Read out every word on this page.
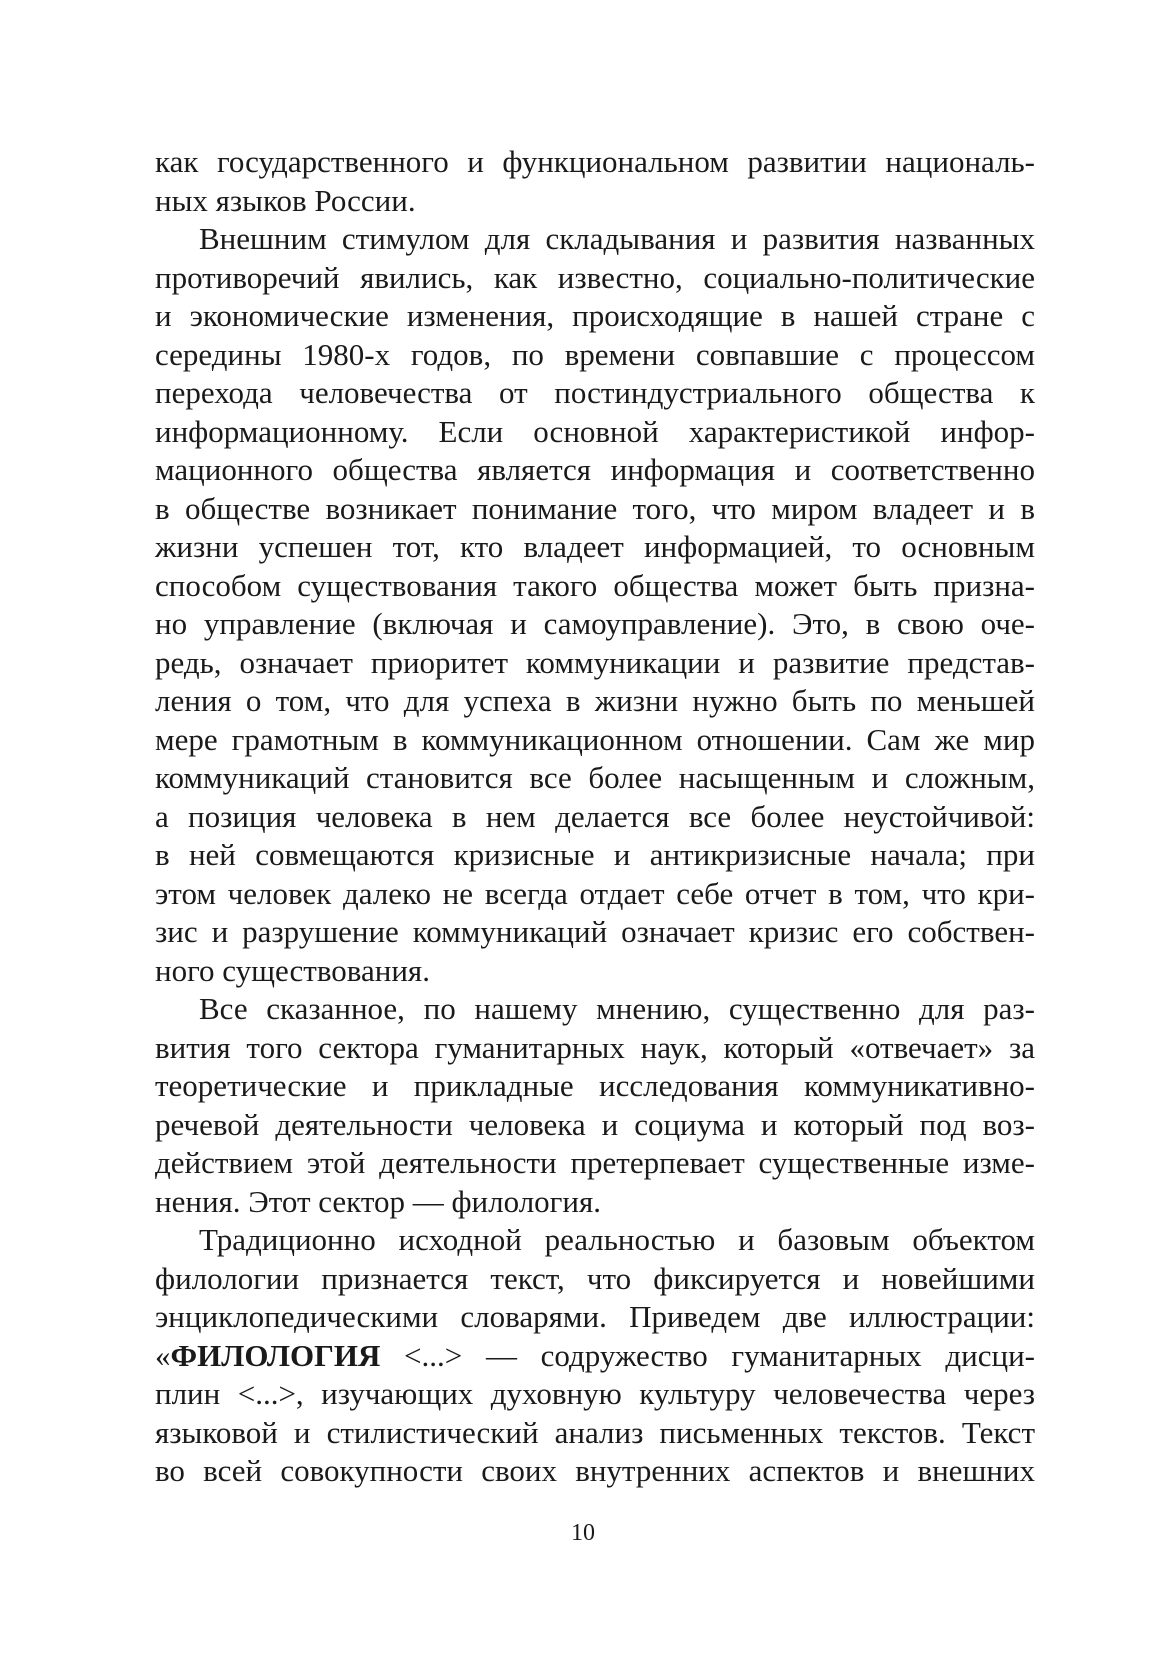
как государственного и функциональном развитии националь-
ных языков России.
Внешним стимулом для складывания и развития названных
противоречий явились, как известно, социально-политические
и экономические изменения, происходящие в нашей стране с
середины 1980-х годов, по времени совпавшие с процессом
перехода человечества от постиндустриального общества к
информационному. Если основной характеристикой инфор-
мационного общества является информация и соответственно
в обществе возникает понимание того, что миром владеет и в
жизни успешен тот, кто владеет информацией, то основным
способом существования такого общества может быть призна-
но управление (включая и самоуправление). Это, в свою оче-
редь, означает приоритет коммуникации и развитие представ-
ления о том, что для успеха в жизни нужно быть по меньшей
мере грамотным в коммуникационном отношении. Сам же мир
коммуникаций становится все более насыщенным и сложным,
а позиция человека в нем делается все более неустойчивой:
в ней совмещаются кризисные и антикризисные начала; при
этом человек далеко не всегда отдает себе отчет в том, что кри-
зис и разрушение коммуникаций означает кризис его собствен-
ного существования.
Все сказанное, по нашему мнению, существенно для раз-
вития того сектора гуманитарных наук, который «отвечает» за
теоретические и прикладные исследования коммуникативно-
речевой деятельности человека и социума и который под воз-
действием этой деятельности претерпевает существенные изме-
нения. Этот сектор — филология.
Традиционно исходной реальностью и базовым объектом
филологии признается текст, что фиксируется и новейшими
энциклопедическими словарями. Приведем две иллюстрации:
«ФИЛОЛОГИЯ <...> — содружество гуманитарных дисци-
плин <...>, изучающих духовную культуру человечества через
языковой и стилистический анализ письменных текстов. Текст
во всей совокупности своих внутренних аспектов и внешних
10
